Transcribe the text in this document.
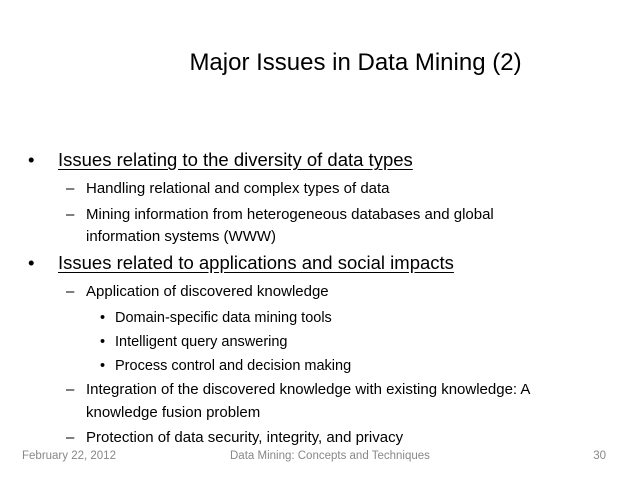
Major Issues in Data Mining (2)
• Issues relating to the diversity of data types
– Handling relational and complex types of data
– Mining information from heterogeneous databases and global
information systems (WWW)
• Issues related to applications and social impacts
– Application of discovered knowledge
• Domain-specific data mining tools
• Intelligent query answering
• Process control and decision making
– Integration of the discovered knowledge with existing knowledge: A
knowledge fusion problem
– Protection of data security, integrity, and privacy
February 22, 2012	Data Mining: Concepts and Techniques	30
